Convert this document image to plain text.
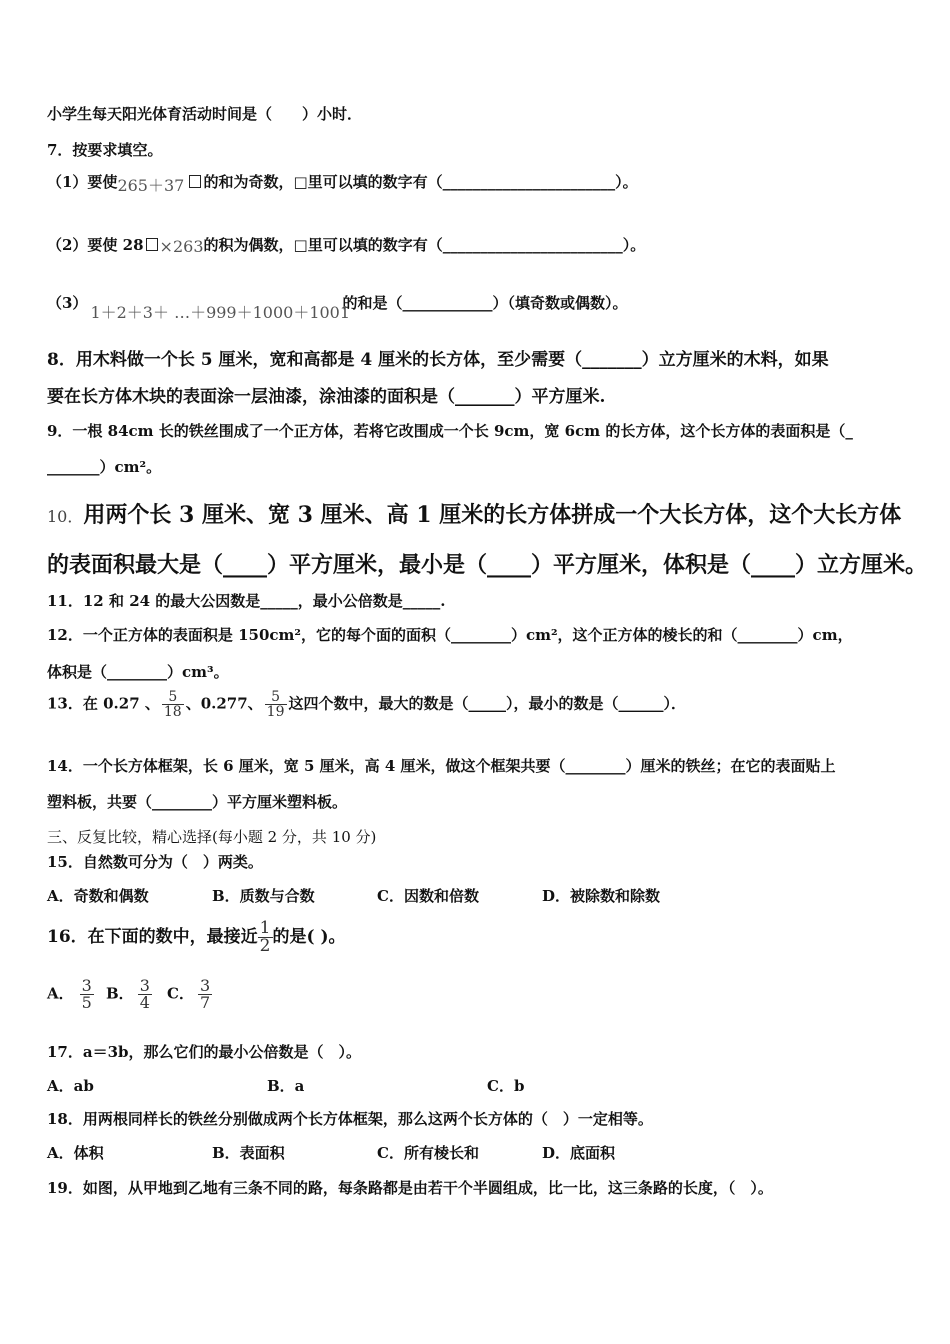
小学生每天阳光体育活动时间是（　　）小时．
7．按要求填空。
（1）要使 265＋37 的和为奇数，□里可以填的数字有（_______________________）。
（2）要使 28 ×263 的积为偶数，□里可以填的数字有（________________________）。
（3） 1＋2＋3＋ …＋999＋1000＋1001
的和是（____________）（填奇数或偶数）。
8．用木料做一个长 5 厘米，宽和高都是 4 厘米的长方体，至少需要（_______）立方厘米的木料，如果
要在长方体木块的表面涂一层油漆，涂油漆的面积是（_______）平方厘米.
9．一根 84cm 长的铁丝围成了一个正方体，若将它改围成一个长 9cm，宽 6cm 的长方体，这个长方体的表面积是（_
_______）cm²。
10．用两个长 3 厘米、宽 3 厘米、高 1 厘米的长方体拼成一个大长方体，这个大长方体
的表面积最大是（____）平方厘米，最小是（____）平方厘米，体积是（____）立方厘米。
11．12 和 24 的最大公因数是_____，最小公倍数是_____.
12．一个正方体的表面积是 150cm²，它的每个面的面积（________）cm²，这个正方体的棱长的和（________）cm，
体积是（________）cm³。
13．在 0.27 、 $\frac{5}{18}$ 、0.277、 $\frac{5}{19}$ 这四个数中，最大的数是（_____），最小的数是（______）．
14．一个长方体框架，长 6 厘米，宽 5 厘米，高 4 厘米，做这个框架共要（________）厘米的铁丝；在它的表面贴上
塑料板，共要（________）平方厘米塑料板。
三、反复比较，精心选择(每小题 2 分，共 10 分)
15．自然数可分为（　）两类。
A．奇数和偶数	B．质数与合数	C．因数和倍数	D．被除数和除数
16．在下面的数中，最接近 $\frac{1}{2}$ 的是( )。
A． $\frac{3}{5}$ B． $\frac{3}{4}$ C． $\frac{3}{7}$
17．a＝3b，那么它们的最小公倍数是（　）。
A．ab	B．a	C．b
18．用两根同样长的铁丝分别做成两个长方体框架，那么这两个长方体的（　）一定相等。
A．体积	B．表面积	C．所有棱长和	D．底面积
19．如图，从甲地到乙地有三条不同的路，每条路都是由若干个半圆组成，比一比，这三条路的长度，（　）。
